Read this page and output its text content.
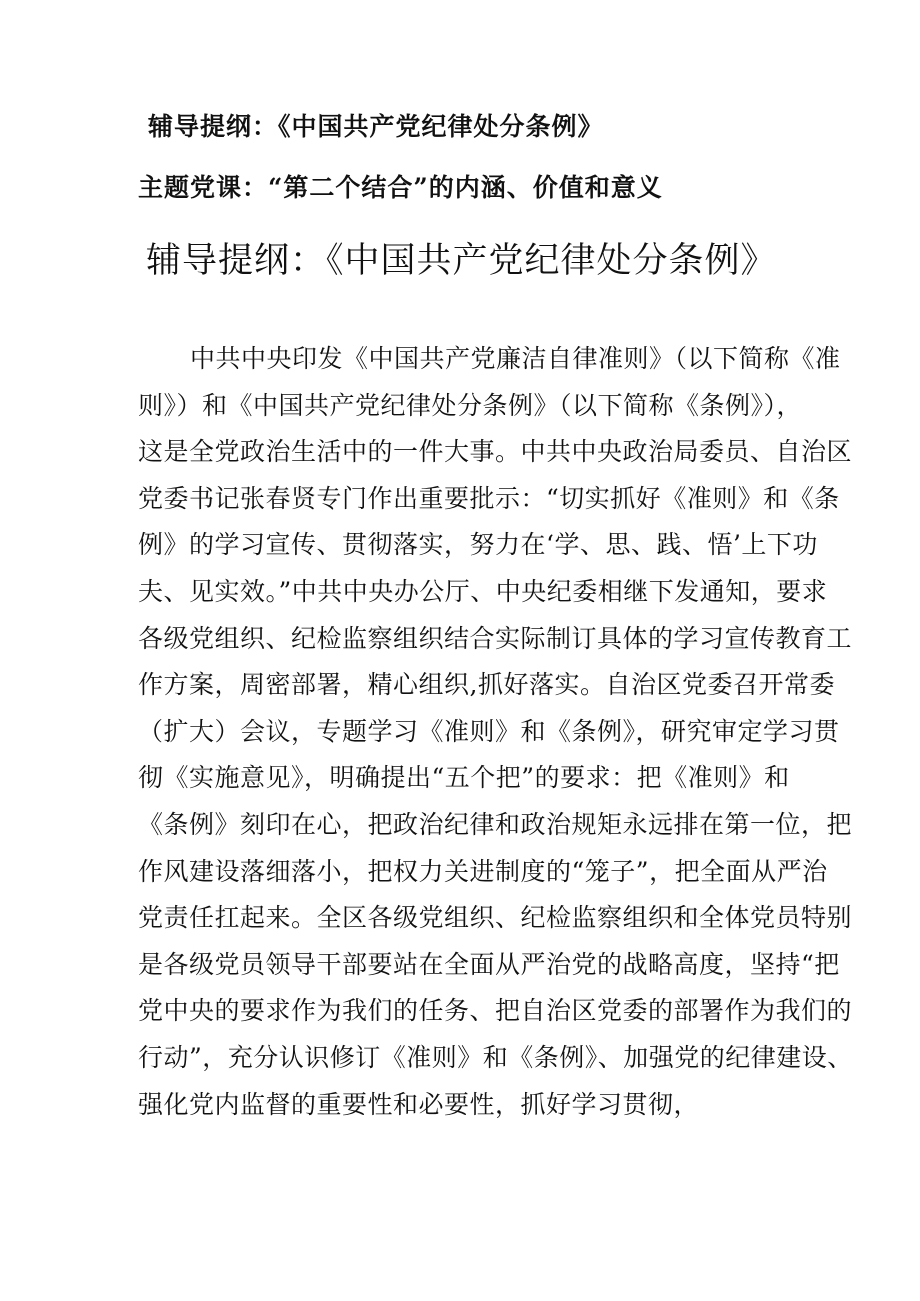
辅导提纲：《中国共产党纪律处分条例》
主题党课：“第二个结合”的内涵、价值和意义
辅导提纲：《中国共产党纪律处分条例》
中共中央印发《中国共产党廉洁自律准则》（以下简称《准
则》）和《中国共产党纪律处分条例》（以下简称《条例》），
这是全党政治生活中的一件大事。中共中央政治局委员、自治区
党委书记张春贤专门作出重要批示：“切实抓好《准则》和《条
例》的学习宣传、贯彻落实，努力在‘学、思、践、悟’上下功
夫、见实效。”中共中央办公厅、中央纪委相继下发通知，要求
各级党组织、纪检监察组织结合实际制订具体的学习宣传教育工
作方案，周密部署，精心组织,抓好落实。自治区党委召开常委
（扩大）会议，专题学习《准则》和《条例》，研究审定学习贯
彻《实施意见》，明确提出“五个把”的要求：把《准则》和
《条例》刻印在心，把政治纪律和政治规矩永远排在第一位，把
作风建设落细落小，把权力关进制度的“笼子”，把全面从严治
党责任扛起来。全区各级党组织、纪检监察组织和全体党员特别
是各级党员领导干部要站在全面从严治党的战略高度，坚持“把
党中央的要求作为我们的任务、把自治区党委的部署作为我们的
行动”，充分认识修订《准则》和《条例》、加强党的纪律建设、
强化党内监督的重要性和必要性，抓好学习贯彻，
